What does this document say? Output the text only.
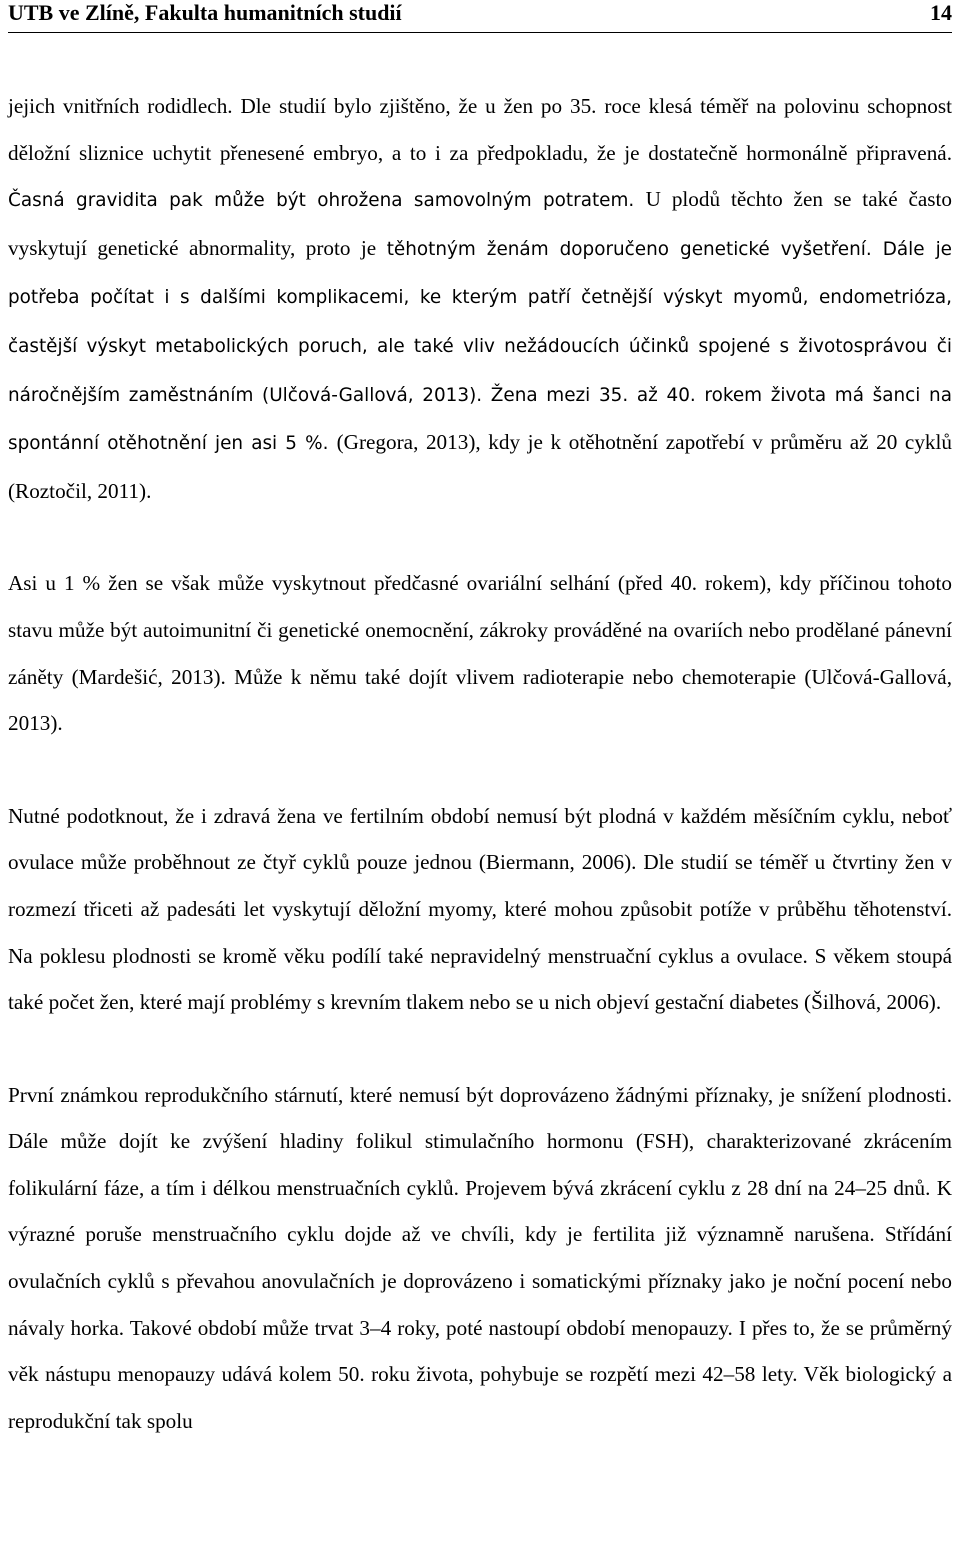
UTB ve Zlíně, Fakulta humanitních studií	14

jejich vnitřních rodidlech. Dle studií bylo zjištěno, že u žen po 35. roce klesá téměř na polovinu schopnost děložní sliznice uchytit přenesené embryo, a to i za předpokladu, že je dostatečně hormonálně připravená. Časná gravidita pak může být ohrožena samovolným potratem. U plodů těchto žen se také často vyskytují genetické abnormality, proto je těhotným ženám doporučeno genetické vyšetření. Dále je potřeba počítat i s dalšími komplikacemi, ke kterým patří četnější výskyt myomů, endometrióza, častější výskyt metabolických poruch, ale také vliv nežádoucích účinků spojené s životosprávou či náročnějším zaměstnáním (Ulčová-Gallová, 2013). Žena mezi 35. až 40. rokem života má šanci na spontánní otěhotnění jen asi 5 %. (Gregora, 2013), kdy je k otěhotnění zapotřebí v průměru až 20 cyklů (Roztočil, 2011).

Asi u 1 % žen se však může vyskytnout předčasné ovariální selhání (před 40. rokem), kdy příčinou tohoto stavu může být autoimunitní či genetické onemocnění, zákroky prováděné na ovariích nebo prodělané pánevní záněty (Mardešić, 2013). Může k němu také dojít vlivem radioterapie nebo chemoterapie (Ulčová-Gallová, 2013).

Nutné podotknout, že i zdravá žena ve fertilním období nemusí být plodná v každém měsíčním cyklu, neboť ovulace může proběhnout ze čtyř cyklů pouze jednou (Biermann, 2006). Dle studií se téměř u čtvrtiny žen v rozmezí třiceti až padesáti let vyskytují děložní myomy, které mohou způsobit potíže v průběhu těhotenství. Na poklesu plodnosti se kromě věku podílí také nepravidelný menstruační cyklus a ovulace. S věkem stoupá také počet žen, které mají problémy s krevním tlakem nebo se u nich objeví gestační diabetes (Šilhová, 2006).

První známkou reprodukčního stárnutí, které nemusí být doprovázeno žádnými příznaky, je snížení plodnosti. Dále může dojít ke zvýšení hladiny folikul stimulačního hormonu (FSH), charakterizované zkrácením folikulární fáze, a tím i délkou menstruačních cyklů. Projevem bývá zkrácení cyklu z 28 dní na 24–25 dnů. K výrazné poruše menstruačního cyklu dojde až ve chvíli, kdy je fertilita již významně narušena. Střídání ovulačních cyklů s převahou anovulačních je doprovázeno i somatickými příznaky jako je noční pocení nebo návaly horka. Takové období může trvat 3–4 roky, poté nastoupí období menopauzy. I přes to, že se průměrný věk nástupu menopauzy udává kolem 50. roku života, pohybuje se rozpětí mezi 42–58 lety. Věk biologický a reprodukční tak spolu
